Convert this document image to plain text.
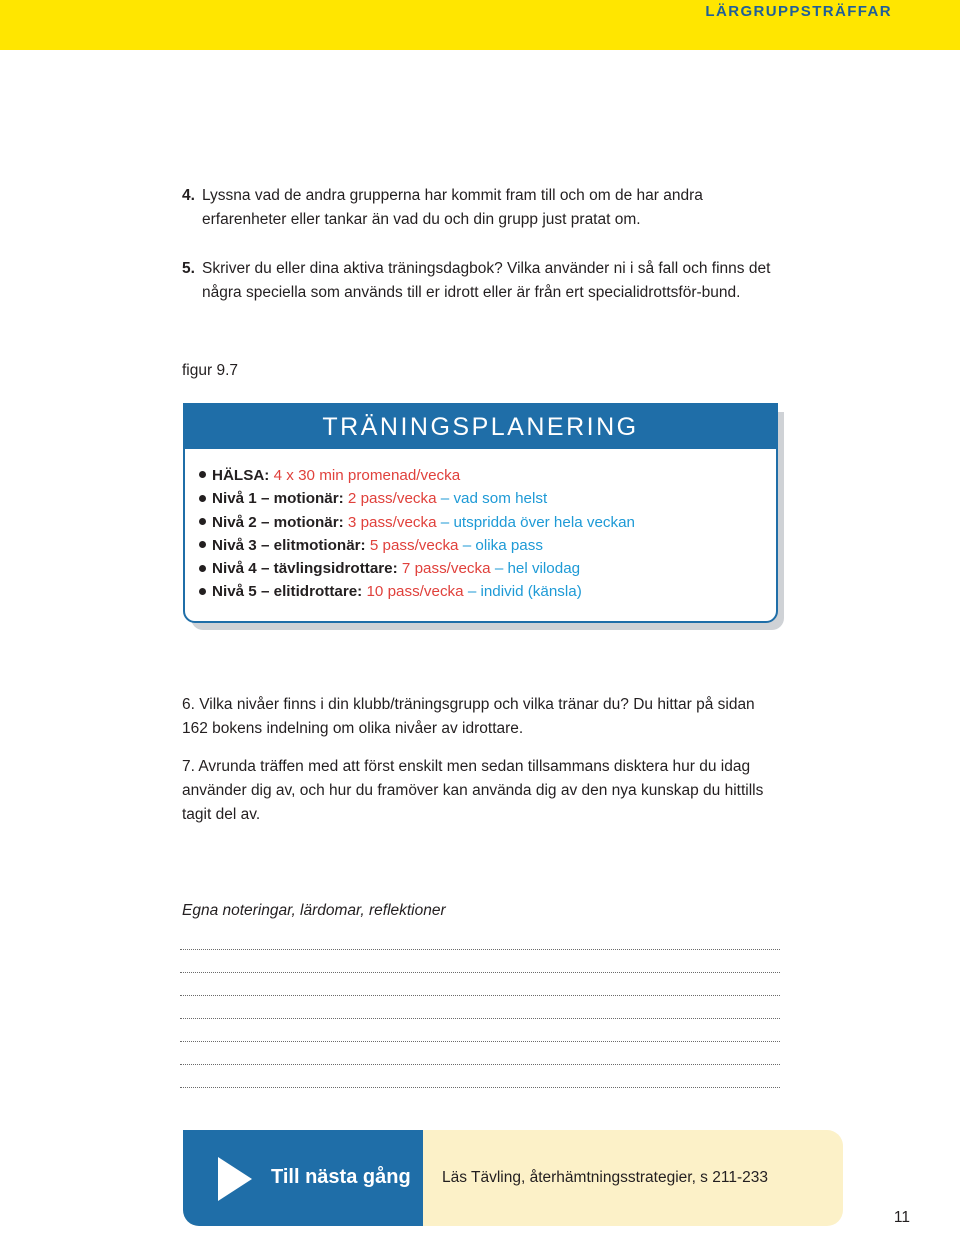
LÄRGRUPPSTRÄFFAR
4. Lyssna vad de andra grupperna har kommit fram till och om de har andra erfarenheter eller tankar än vad du och din grupp just pratat om.
5. Skriver du eller dina aktiva träningsdagbok? Vilka använder ni i så fall och finns det några speciella som används till er idrott eller är från ert specialidrottsför-bund.
figur 9.7
TRÄNINGSPLANERING
HÄLSA: 4 x 30 min promenad/vecka
Nivå 1 – motionär: 2 pass/vecka – vad som helst
Nivå 2 – motionär: 3 pass/vecka – utspridda över hela veckan
Nivå 3 – elitmotionär: 5 pass/vecka – olika pass
Nivå 4 – tävlingsidrottare: 7 pass/vecka – hel vilodag
Nivå 5 – elitidrottare: 10 pass/vecka – individ (känsla)
6. Vilka nivåer finns i din klubb/träningsgrupp och vilka tränar du? Du hittar på sidan 162 bokens indelning om olika nivåer av idrottare.
7. Avrunda träffen med att först enskilt men sedan tillsammans disktera hur du idag använder dig av, och hur du framöver kan använda dig av den nya kunskap du hittills tagit del av.
Egna noteringar, lärdomar, reflektioner
Till nästa gång Läs Tävling, återhämtningsstrategier, s 211-233
11
